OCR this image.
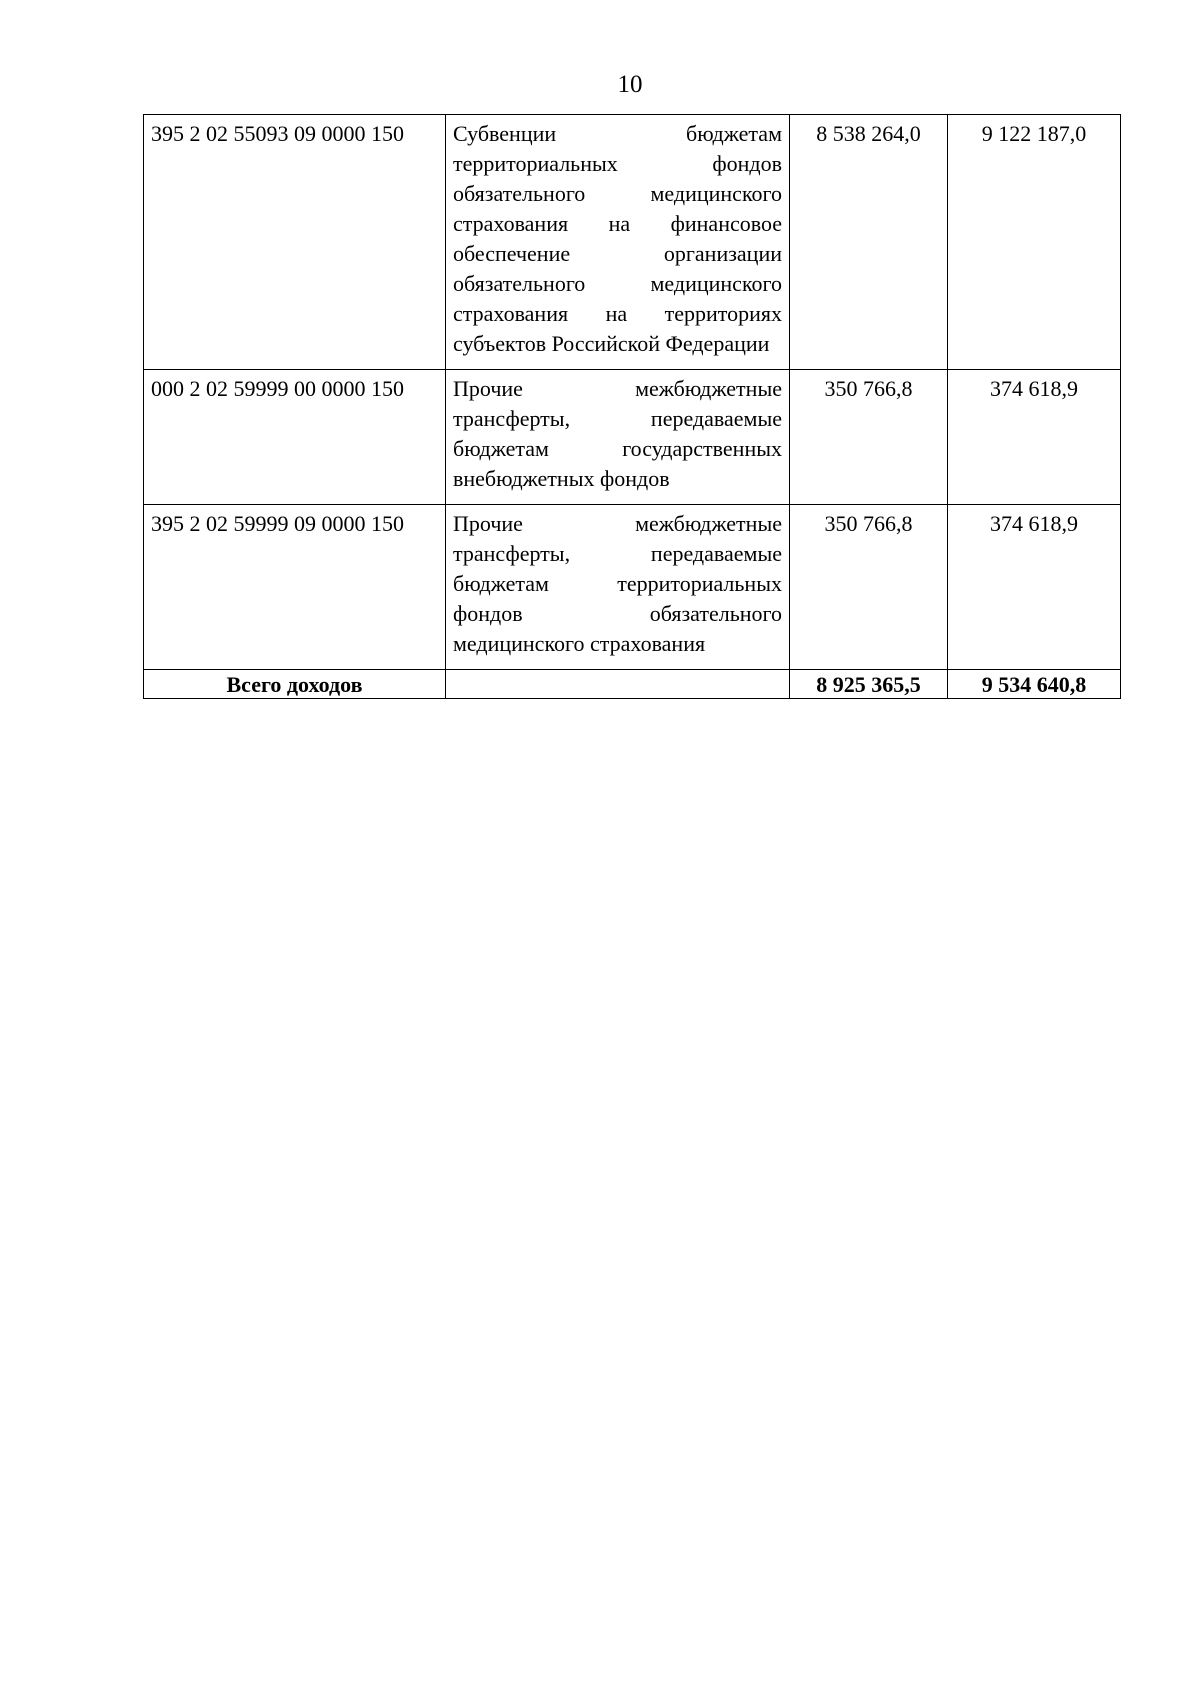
10
395 2 02 55093 09 0000 150	Субвенции бюджетам территориальных фондов обязательного медицинского страхования на финансовое обеспечение организации обязательного медицинского страхования на территориях субъектов Российской Федерации	8 538 264,0	9 122 187,0
000 2 02 59999 00 0000 150	Прочие межбюджетные трансферты, передаваемые бюджетам государственных внебюджетных фондов	350 766,8	374 618,9
395 2 02 59999 09 0000 150	Прочие межбюджетные трансферты, передаваемые бюджетам территориальных фондов обязательного медицинского страхования	350 766,8	374 618,9
Всего доходов		8 925 365,5	9 534 640,8
